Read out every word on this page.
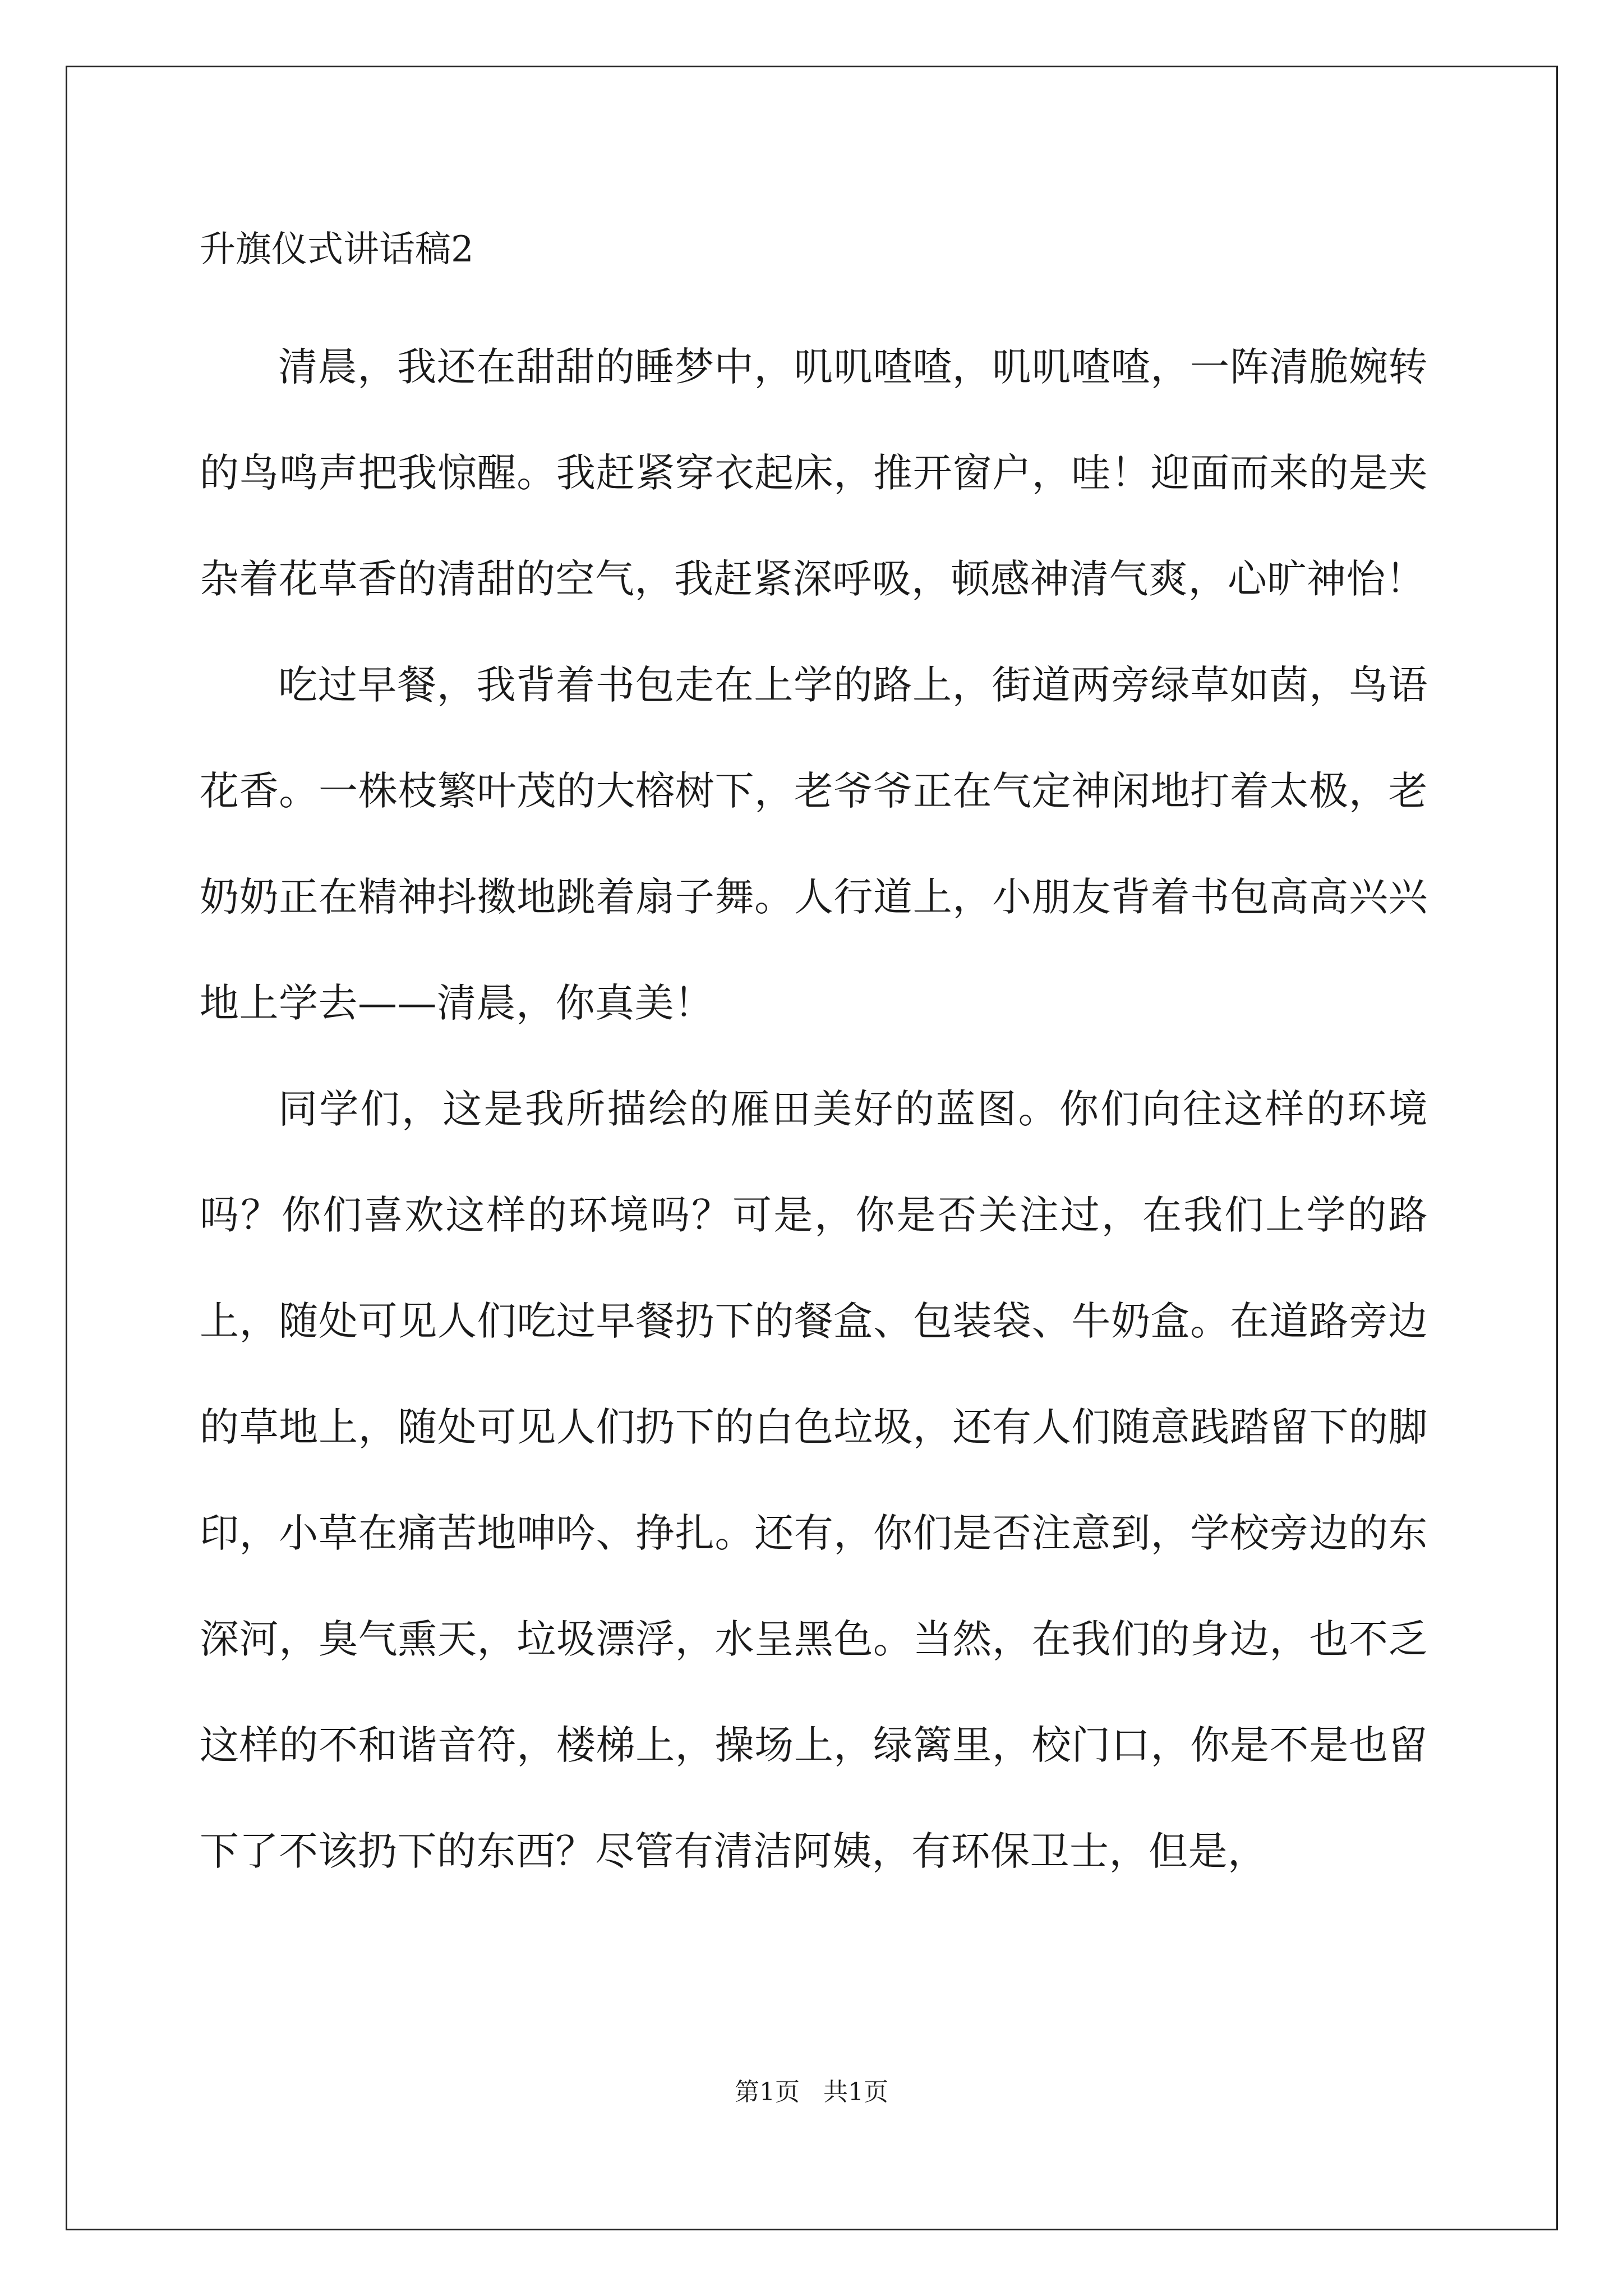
升旗仪式讲话稿2

清晨，我还在甜甜的睡梦中，叽叽喳喳，叽叽喳喳，一阵清脆婉转的鸟鸣声把我惊醒。我赶紧穿衣起床，推开窗户，哇！迎面而来的是夹杂着花草香的清甜的空气，我赶紧深呼吸，顿感神清气爽，心旷神怡！

吃过早餐，我背着书包走在上学的路上，街道两旁绿草如茵，鸟语花香。一株枝繁叶茂的大榕树下，老爷爷正在气定神闲地打着太极，老奶奶正在精神抖擞地跳着扇子舞。人行道上，小朋友背着书包高高兴兴地上学去——清晨，你真美！

同学们，这是我所描绘的雁田美好的蓝图。你们向往这样的环境吗？你们喜欢这样的环境吗？可是，你是否关注过，在我们上学的路上，随处可见人们吃过早餐扔下的餐盒、包装袋、牛奶盒。在道路旁边的草地上，随处可见人们扔下的白色垃圾，还有人们随意践踏留下的脚印，小草在痛苦地呻吟、挣扎。还有，你们是否注意到，学校旁边的东深河，臭气熏天，垃圾漂浮，水呈黑色。当然，在我们的身边，也不乏这样的不和谐音符，楼梯上，操场上，绿篱里，校门口，你是不是也留下了不该扔下的东西？尽管有清洁阿姨，有环保卫士，但是，

第1页   共1页
